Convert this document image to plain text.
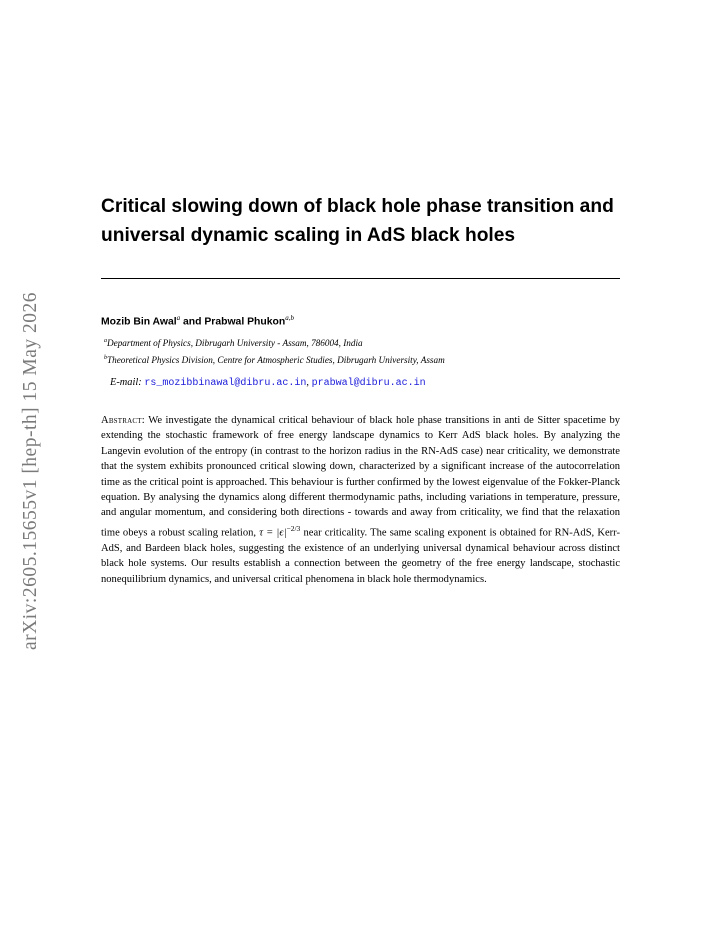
arXiv:2605.15655v1 [hep-th] 15 May 2026
Critical slowing down of black hole phase transition and
universal dynamic scaling in AdS black holes
Mozib Bin Awal$^a$ and Prabwal Phukon$^{a,b}$
$^a$Department of Physics, Dibrugarh University - Assam, 786004, India
$^b$Theoretical Physics Division, Centre for Atmospheric Studies, Dibrugarh University, Assam
E-mail: rs_mozibbinawal@dibru.ac.in, prabwal@dibru.ac.in

Abstract: We investigate the dynamical critical behaviour of black hole phase transitions in anti de Sitter spacetime by extending the stochastic framework of free energy landscape dynamics to Kerr AdS black holes. By analyzing the Langevin evolution of the entropy (in contrast to the horizon radius in the RN-AdS case) near criticality, we demonstrate that the system exhibits pronounced critical slowing down, characterized by a significant increase of the autocorrelation time as the critical point is approached. This behaviour is further confirmed by the lowest eigenvalue of the Fokker-Planck equation. By analysing the dynamics along different thermodynamic paths, including variations in temperature, pressure, and angular momentum, and considering both directions - towards and away from criticality, we find that the relaxation time obeys a robust scaling relation, $\tau = |\epsilon|^{-2/3}$ near criticality. The same scaling exponent is obtained for RN-AdS, Kerr-AdS, and Bardeen black holes, suggesting the existence of an underlying universal dynamical behaviour across distinct black hole systems. Our results establish a connection between the geometry of the free energy landscape, stochastic nonequilibrium dynamics, and universal critical phenomena in black hole thermodynamics.
